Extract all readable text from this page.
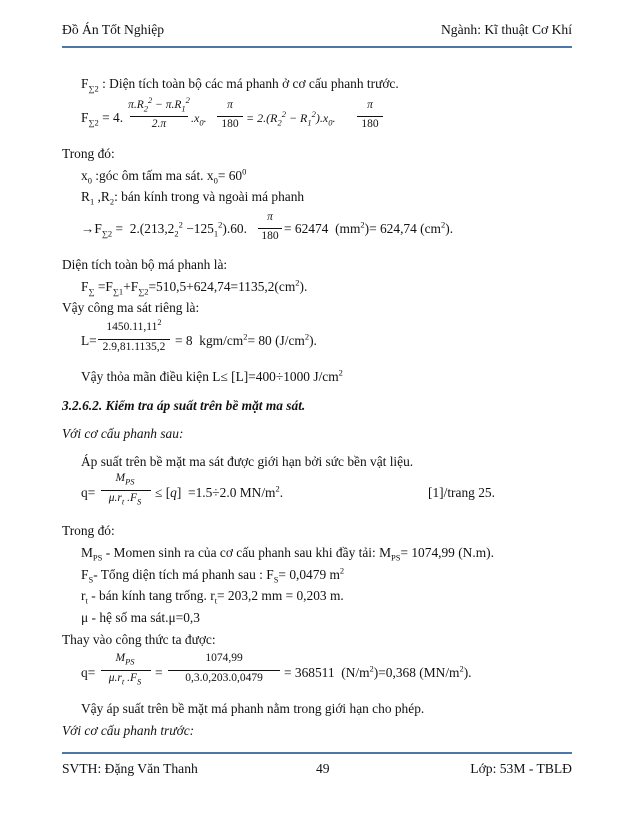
Đồ Án Tốt Nghiệp	Ngành: Kĩ thuật Cơ Khí
$F_{\sum 2}$ : Diện tích toàn bộ các má phanh ở cơ cấu phanh trước.
$F_{\sum 2} = 4$.
$\pi.R_2^2 - \pi.R_1^2$
2.π	$.x_0$.
π
$180 = 2.(R_2^2 - R_1^2).x_0$.
π
180
Trong đó:
$x_0$ :góc ôm tấm ma sát. $x_0= 60^0$
$R_1$ $,R_2$: bán kính trong và ngoài má phanh
$\to F_{\sum 2} = 2.(213,2_2^2 -125_1^2).60$.
π
180 = 62474  $(mm^2)= 624,74$ $(cm^2)$.
Diện tích toàn bộ má phanh là:
$F_\sum =F_{\sum 1}+F_{\sum 2}=510,5+624,74=1135,2(cm^2)$.
Vậy công ma sát riêng là:
L=
$1450.11,11^2$
2.9,81.1135,2 = 8  kgm/$cm^2= 80$ $(J/cm^2)$.
Vậy thỏa mãn điều kiện L≤ [L]=400÷1000 $J/cm^2$
3.2.6.2. Kiểm tra áp suất trên bề mặt ma sát.
Với cơ cấu phanh sau:
Áp suất trên bề mặt ma sát được giới hạn bởi sức bền vật liệu.
q=
$M_{PS}$
$\mu.r_t$ $.F_S$
≤ [q]  =1.5÷2.0 $MN/m^2$.	[1]/trang 25.
Trong đó:
$M_{PS}$ - Momen sinh ra của cơ cấu phanh sau khi đầy tải: $M_{PS}= 1074,99$ (N.m).
$F_S-$ Tổng diện tích má phanh sau : $F_S= 0,0479$ $m^2$
$r_t$ - bán kính tang trống. $r_t= 203,2$ mm = 0,203 m.
μ - hệ số ma sát.μ=0,3
Thay vào công thức ta được:
q=
$M_{PS}$
$\mu.r_t$ $.F_S$
=
1074,99
0,3.0,203.0,0479	= 368511  $(N/m^2)=0,368$ $(MN/m^2)$.
Vậy áp suất trên bề mặt má phanh nằm trong giới hạn cho phép.
Với cơ cấu phanh trước:
SVTH: Đặng Văn Thanh	49	Lớp: 53M - TBLĐ
